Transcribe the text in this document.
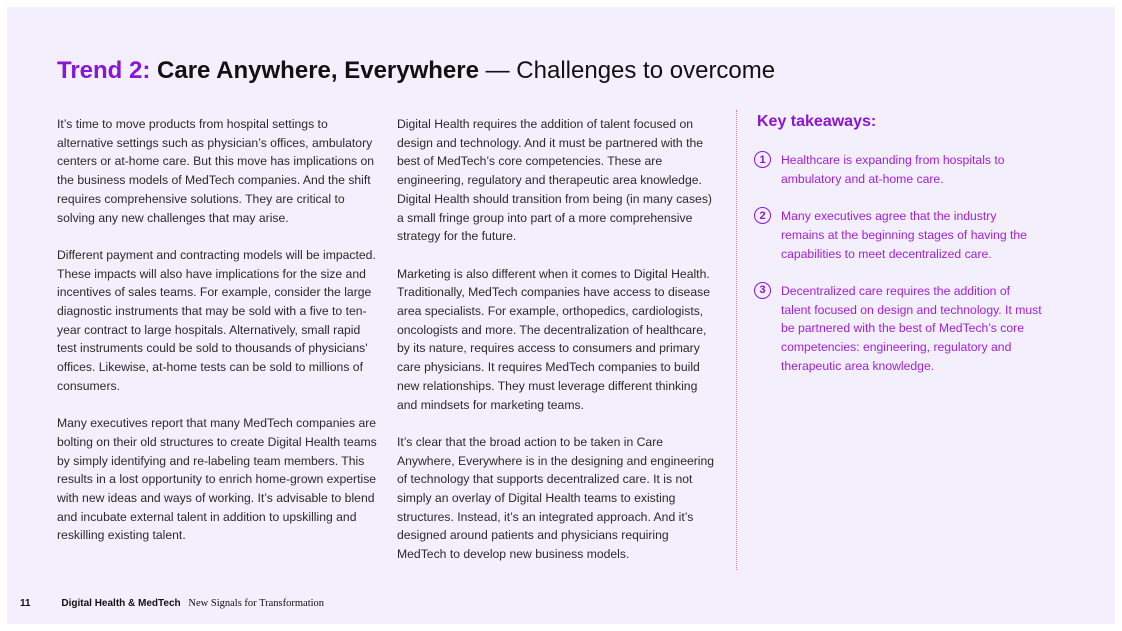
Trend 2: Care Anywhere, Everywhere — Challenges to overcome

It’s time to move products from hospital settings to alternative settings such as physician’s offices, ambulatory centers or at-home care. But this move has implications on the business models of MedTech companies. And the shift requires comprehensive solutions. They are critical to solving any new challenges that may arise.

Different payment and contracting models will be impacted. These impacts will also have implications for the size and incentives of sales teams. For example, consider the large diagnostic instruments that may be sold with a five to ten-year contract to large hospitals. Alternatively, small rapid test instruments could be sold to thousands of physicians' offices. Likewise, at-home tests can be sold to millions of consumers.

Many executives report that many MedTech companies are bolting on their old structures to create Digital Health teams by simply identifying and re-labeling team members. This results in a lost opportunity to enrich home-grown expertise with new ideas and ways of working. It’s advisable to blend and incubate external talent in addition to upskilling and reskilling existing talent.

Digital Health requires the addition of talent focused on design and technology. And it must be partnered with the best of MedTech’s core competencies. These are engineering, regulatory and therapeutic area knowledge. Digital Health should transition from being (in many cases) a small fringe group into part of a more comprehensive strategy for the future.

Marketing is also different when it comes to Digital Health. Traditionally, MedTech companies have access to disease area specialists. For example, orthopedics, cardiologists, oncologists and more. The decentralization of healthcare, by its nature, requires access to consumers and primary care physicians. It requires MedTech companies to build new relationships. They must leverage different thinking and mindsets for marketing teams.

It’s clear that the broad action to be taken in Care Anywhere, Everywhere is in the designing and engineering of technology that supports decentralized care. It is not simply an overlay of Digital Health teams to existing structures. Instead, it’s an integrated approach. And it’s designed around patients and physicians requiring MedTech to develop new business models.

Key takeaways:
1	Healthcare is expanding from hospitals to ambulatory and at-home care.
2	Many executives agree that the industry remains at the beginning stages of having the capabilities to meet decentralized care.
3	Decentralized care requires the addition of talent focused on design and technology. It must be partnered with the best of MedTech’s core competencies: engineering, regulatory and therapeutic area knowledge.
11	Digital Health & MedTech New Signals for Transformation
